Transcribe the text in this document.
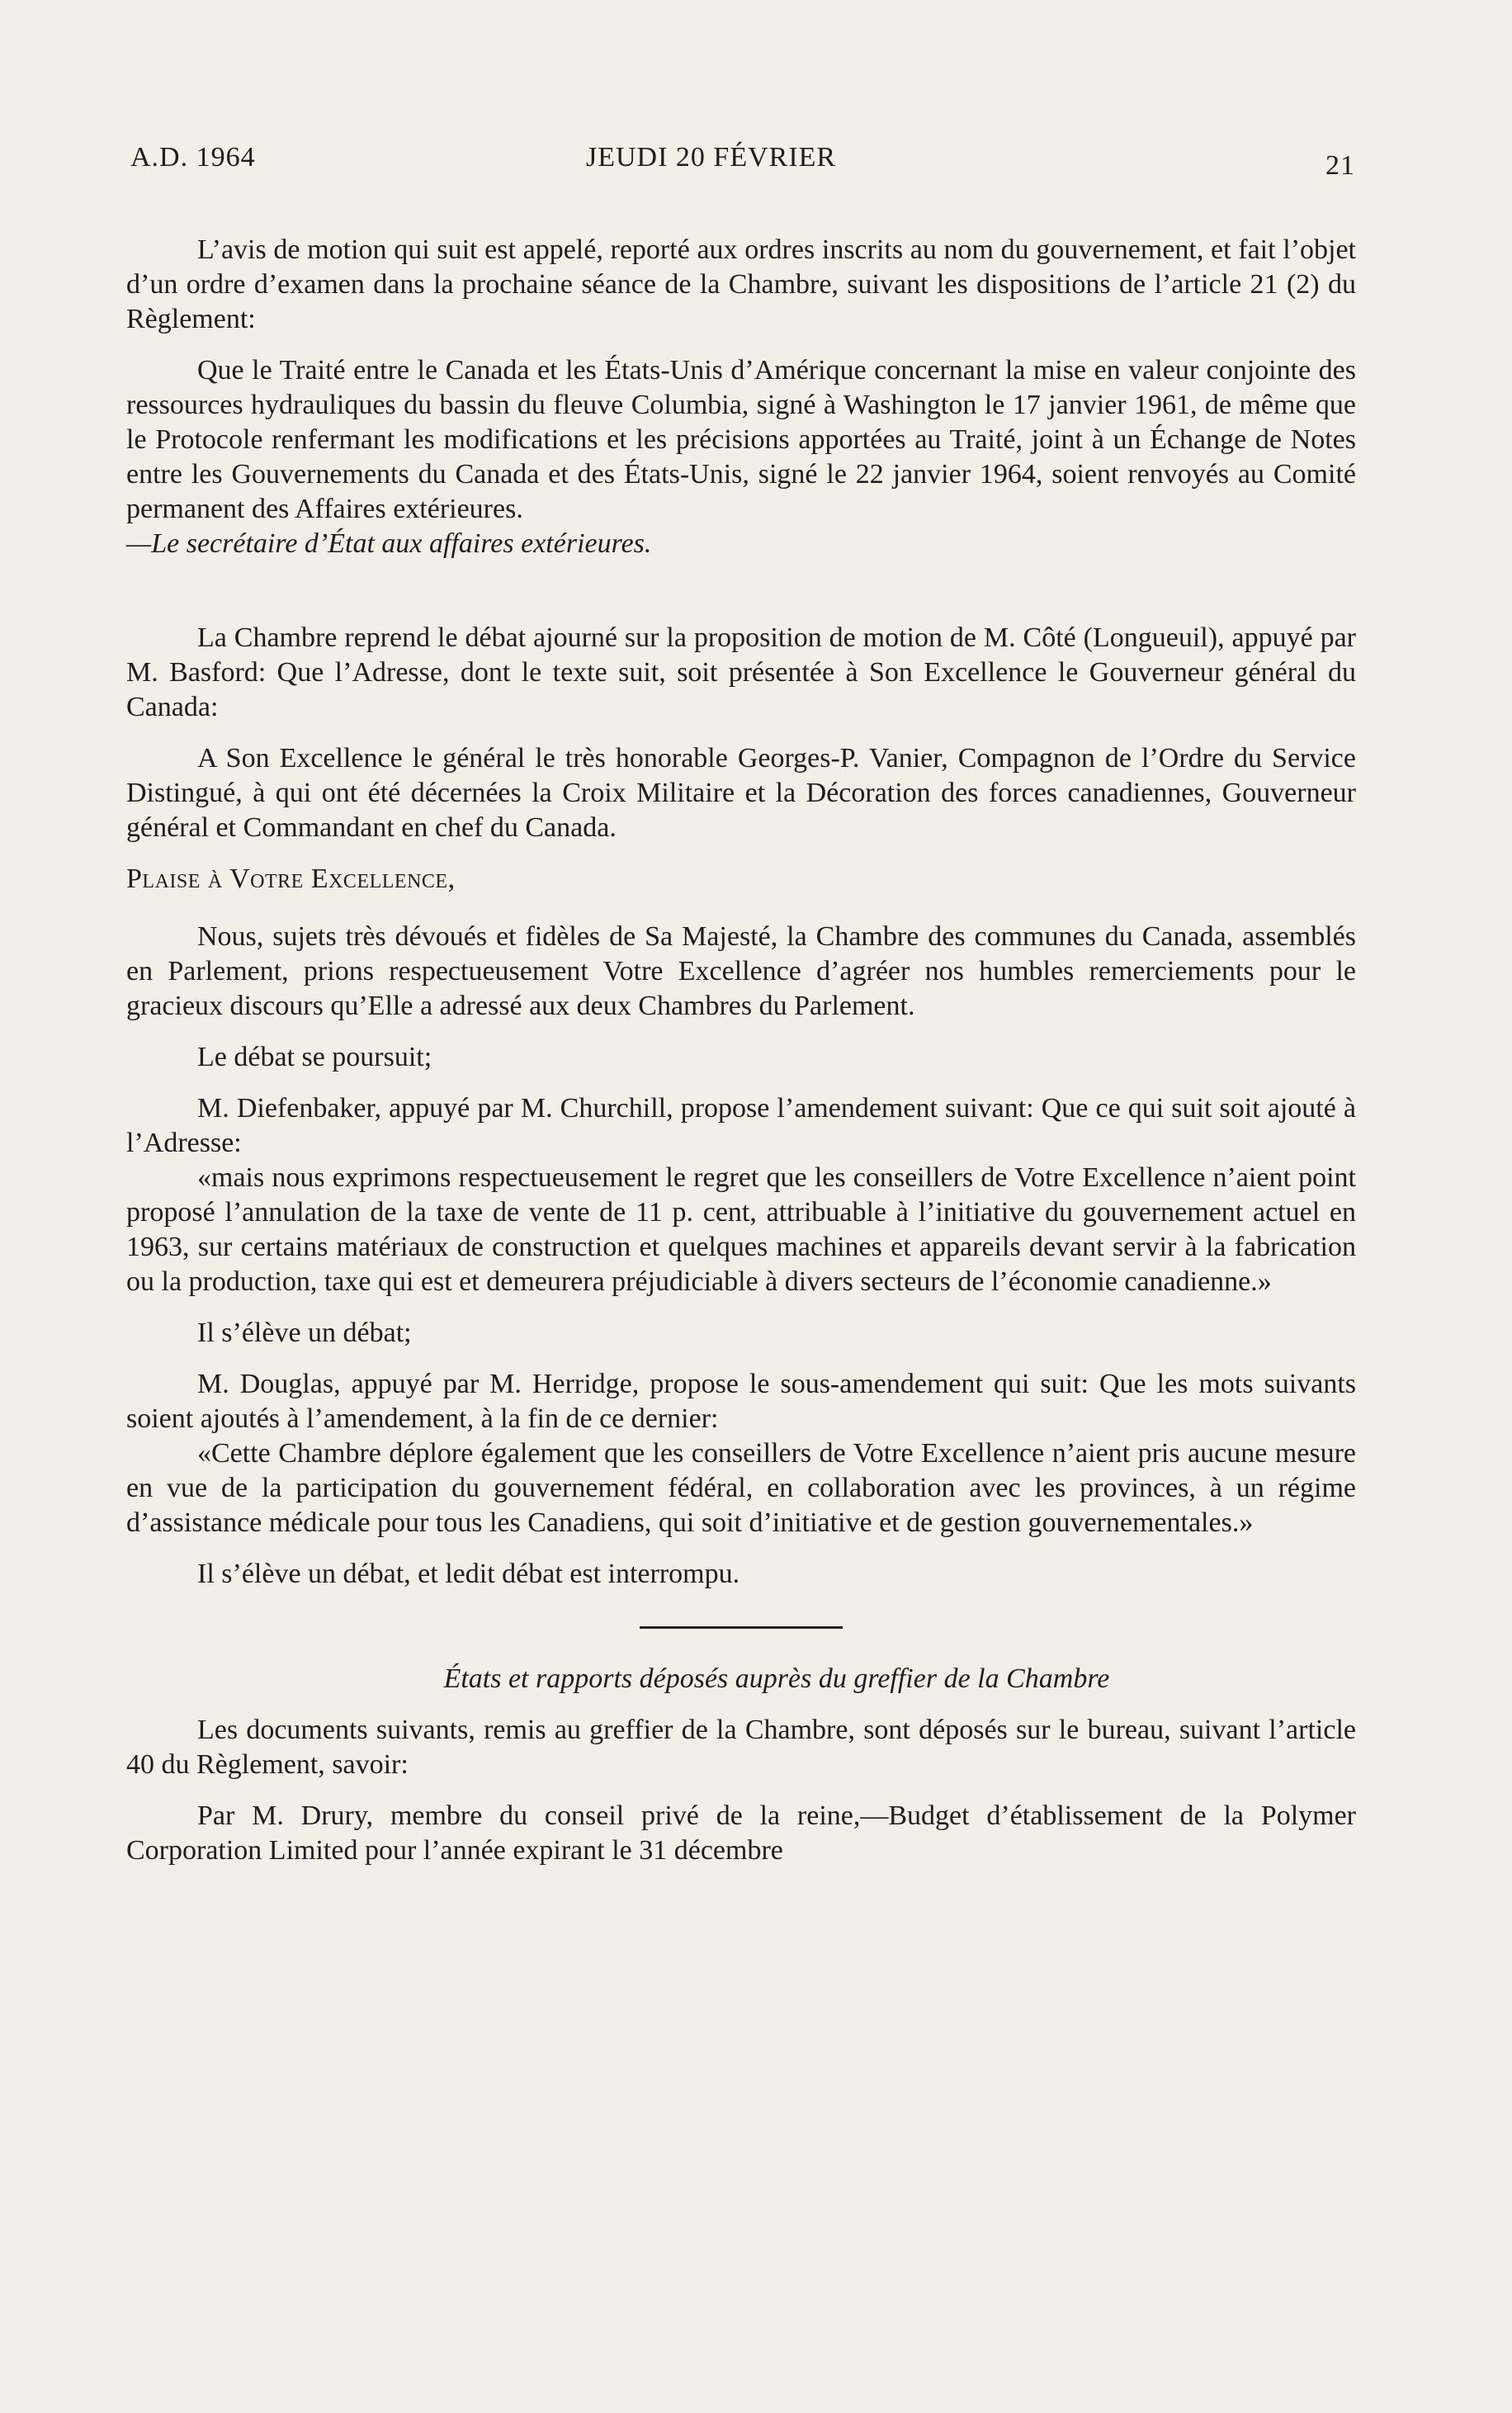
A.D. 1964	JEUDI 20 FÉVRIER	21

L’avis de motion qui suit est appelé, reporté aux ordres inscrits au nom du gouvernement, et fait l’objet d’un ordre d’examen dans la prochaine séance de la Chambre, suivant les dispositions de l’article 21 (2) du Règlement:

Que le Traité entre le Canada et les États-Unis d’Amérique concernant la mise en valeur conjointe des ressources hydrauliques du bassin du fleuve Columbia, signé à Washington le 17 janvier 1961, de même que le Protocole renfermant les modifications et les précisions apportées au Traité, joint à un Échange de Notes entre les Gouvernements du Canada et des États-Unis, signé le 22 janvier 1964, soient renvoyés au Comité permanent des Affaires extérieures.

—Le secrétaire d’État aux affaires extérieures.

La Chambre reprend le débat ajourné sur la proposition de motion de M. Côté (Longueuil), appuyé par M. Basford: Que l’Adresse, dont le texte suit, soit présentée à Son Excellence le Gouverneur général du Canada:

A Son Excellence le général le très honorable Georges-P. Vanier, Compagnon de l’Ordre du Service Distingué, à qui ont été décernées la Croix Militaire et la Décoration des forces canadiennes, Gouverneur général et Commandant en chef du Canada.

Plaise à Votre Excellence,

Nous, sujets très dévoués et fidèles de Sa Majesté, la Chambre des communes du Canada, assemblés en Parlement, prions respectueusement Votre Excellence d’agréer nos humbles remerciements pour le gracieux discours qu’Elle a adressé aux deux Chambres du Parlement.

Le débat se poursuit;

M. Diefenbaker, appuyé par M. Churchill, propose l’amendement suivant: Que ce qui suit soit ajouté à l’Adresse:

«mais nous exprimons respectueusement le regret que les conseillers de Votre Excellence n’aient point proposé l’annulation de la taxe de vente de 11 p. cent, attribuable à l’initiative du gouvernement actuel en 1963, sur certains matériaux de construction et quelques machines et appareils devant servir à la fabrication ou la production, taxe qui est et demeurera préjudiciable à divers secteurs de l’économie canadienne.»

Il s’élève un débat;

M. Douglas, appuyé par M. Herridge, propose le sous-amendement qui suit: Que les mots suivants soient ajoutés à l’amendement, à la fin de ce dernier:

«Cette Chambre déplore également que les conseillers de Votre Excellence n’aient pris aucune mesure en vue de la participation du gouvernement fédéral, en collaboration avec les provinces, à un régime d’assistance médicale pour tous les Canadiens, qui soit d’initiative et de gestion gouvernementales.»

Il s’élève un débat, et ledit débat est interrompu.

États et rapports déposés auprès du greffier de la Chambre

Les documents suivants, remis au greffier de la Chambre, sont déposés sur le bureau, suivant l’article 40 du Règlement, savoir:

Par M. Drury, membre du conseil privé de la reine,—Budget d’établissement de la Polymer Corporation Limited pour l’année expirant le 31 décembre
